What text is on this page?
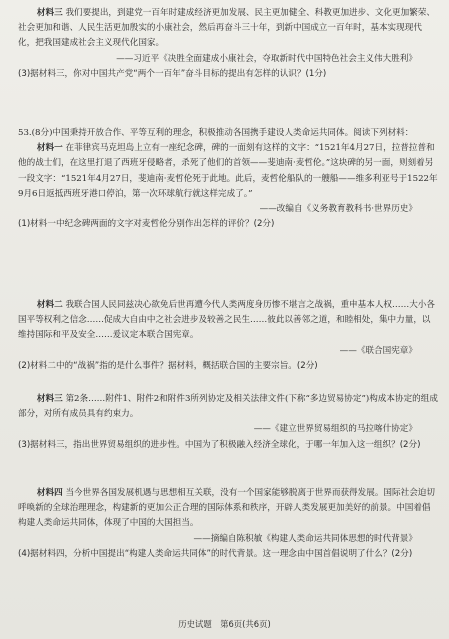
材料三 我们要提出，到建党一百年时建成经济更加发展、民主更加健全、科教更加进步、文化更加繁荣、社会更加和谐、人民生活更加殷实的小康社会，然后再奋斗三十年，到新中国成立一百年时，基本实现现代化，把我国建成社会主义现代化国家。

——习近平《决胜全面建成小康社会，夺取新时代中国特色社会主义伟大胜利》

(3)据材料三，你对中国共产党“两个一百年”奋斗目标的提出有怎样的认识？(1分)

53.(8分)中国秉持开放合作、平等互利的理念，积极推动各国携手建设人类命运共同体。阅读下列材料：

材料一 在菲律宾马克坦岛上立有一座纪念碑，碑的一面刻有这样的文字：“1521年4月27日，拉普拉普和他的战士们，在这里打退了西班牙侵略者，杀死了他们的首领——斐迪南·麦哲伦。”这块碑的另一面，则刻着另一段文字：“1521年4月27日，斐迪南·麦哲伦死于此地。此后，麦哲伦船队的一艘船——维多利亚号于1522年9月6日返抵西班牙港口停泊，第一次环球航行就这样完成了。”

——改编自《义务教育教科书·世界历史》

(1)材料一中纪念碑两面的文字对麦哲伦分别作出怎样的评价？(2分)

材料二 我联合国人民同兹决心欲免后世再遭今代人类两度身历惨不堪言之战祸，重申基本人权……大小各国平等权利之信念……促成大自由中之社会进步及较善之民生……彼此以善邻之道，和睦相处，集中力量，以维持国际和平及安全……爰议定本联合国宪章。

——《联合国宪章》

(2)材料二中的“战祸”指的是什么事件？据材料，概括联合国的主要宗旨。(2分)

材料三 第2条……附件1、附件2和附件3所列协定及相关法律文件(下称“多边贸易协定”)构成本协定的组成部分，对所有成员具有约束力。

——《建立世界贸易组织的马拉喀什协定》

(3)据材料三，指出世界贸易组织的进步性。中国为了积极融入经济全球化，于哪一年加入这一组织？(2分)

材料四 当今世界各国发展机遇与思想相互关联，没有一个国家能够脱离于世界而获得发展。国际社会迫切呼唤新的全球治理理念，构建新的更加公正合理的国际体系和秩序，开辟人类发展更加美好的前景。中国着倡构建人类命运共同体，体现了中国的大国担当。

——摘编自陈积敏《构建人类命运共同体思想的时代背景》

(4)据材料四，分析中国提出“构建人类命运共同体”的时代背景。这一理念由中国首倡说明了什么？(2分)

历史试题　第6页(共6页)
